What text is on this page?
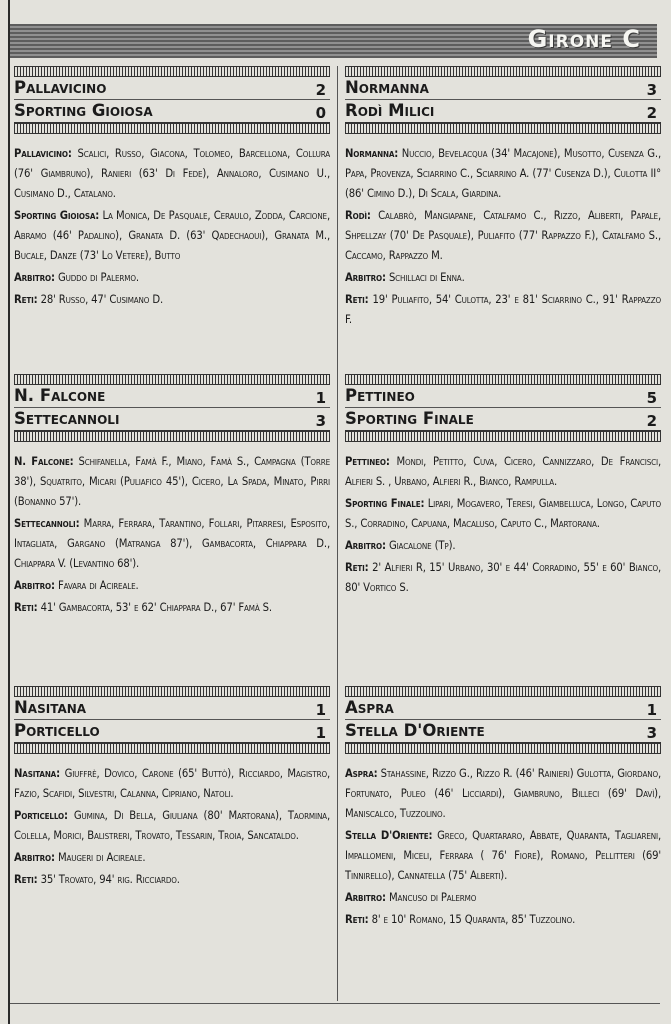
Girone C
Pallavicino	2
Sporting Gioiosa	0

Pallavicino: Scalici, Russo, Giacona, Tolomeo, Barcellona, Collura (76' Giambruno), Ranieri (63' Di Fede), Annaloro, Cusimano U., Cusimano D., Catalano.

Sporting Gioiosa: La Monica, De Pasquale, Ceraulo, Zodda, Carcione, Abramo (46' Padalino), Granata D. (63' Qadechaoui), Granata M., Bucale, Danze (73' Lo Vetere), Butto

Arbitro: Guddo di Palermo.

Reti: 28' Russo, 47' Cusimano D.

N. Falcone	1
Settecannoli	3

N. Falcone: Schifanella, Famà F., Miano, Famà S., Campagna (Torre 38'), Squatrito, Micari (Puliafico 45'), Cicero, La Spada, Minato, Pirri (Bonanno 57').

Settecannoli: Marra, Ferrara, Tarantino, Follari, Pitarresi, Esposito, Intagliata, Gargano (Matranga 87'), Gambacorta, Chiappara D., Chiappara V. (Levantino 68').

Arbitro: Favara di Acireale.

Reti: 41' Gambacorta, 53' e 62' Chiappara D., 67' Famà S.

Nasitana	1
Porticello	1

Nasitana: Giuffrè, Dovico, Carone (65' Buttò), Ricciardo, Magistro, Fazio, Scafidi, Silvestri, Calanna, Cipriano, Natoli.

Porticello: Gumina, Di Bella, Giuliana (80' Martorana), Taormina, Colella, Morici, Balistreri, Trovato, Tessarin, Troia, Sancataldo.

Arbitro: Maugeri di Acireale.

Reti: 35' Trovato, 94' rig. Ricciardo.

Normanna	3
Rodì Milici	2

Normanna: Nuccio, Bevelacqua (34' Macajone), Musotto, Cusenza G., Papa, Provenza, Sciarrino C., Sciarrino A. (77' Cusenza D.), Culotta II° (86' Cimino D.), Di Scala, Giardina.

Rodì: Calabrò, Mangiapane, Catalfamo C., Rizzo, Aliberti, Papale, Shpellzay (70' De Pasquale), Puliafito (77' Rappazzo F.), Catalfamo S., Caccamo, Rappazzo M.

Arbitro: Schillaci di Enna.

Reti: 19' Puliafito, 54' Culotta, 23' e 81' Sciarrino C., 91' Rappazzo F.

Pettineo	5
Sporting Finale	2

Pettineo: Mondi, Petitto, Cuva, Cicero, Cannizzaro, De Francisci, Alfieri S. , Urbano, Alfieri R., Bianco, Rampulla.

Sporting Finale: Lipari, Mogavero, Teresi, Giambelluca, Longo, Caputo S., Corradino, Capuana, Macaluso, Caputo C., Martorana.

Arbitro: Giacalone (Tp).

Reti: 2' Alfieri R, 15' Urbano, 30' e 44' Corradino, 55' e 60' Bianco, 80' Vortico S.

Aspra	1
Stella D'Oriente	3

Aspra: Stahassine, Rizzo G., Rizzo R. (46' Rainieri) Gulotta, Giordano, Fortunato, Puleo (46' Licciardi), Giambruno, Billeci (69' Davì), Maniscalco, Tuzzolino.

Stella D'Oriente: Greco, Quartararo, Abbate, Quaranta, Tagliareni, Impallomeni, Miceli, Ferrara ( 76' Fiore), Romano, Pellitteri (69' Tinnirello), Cannatella (75' Alberti).

Arbitro: Mancuso di Palermo

Reti: 8' e 10' Romano, 15 Quaranta, 85' Tuzzolino.
